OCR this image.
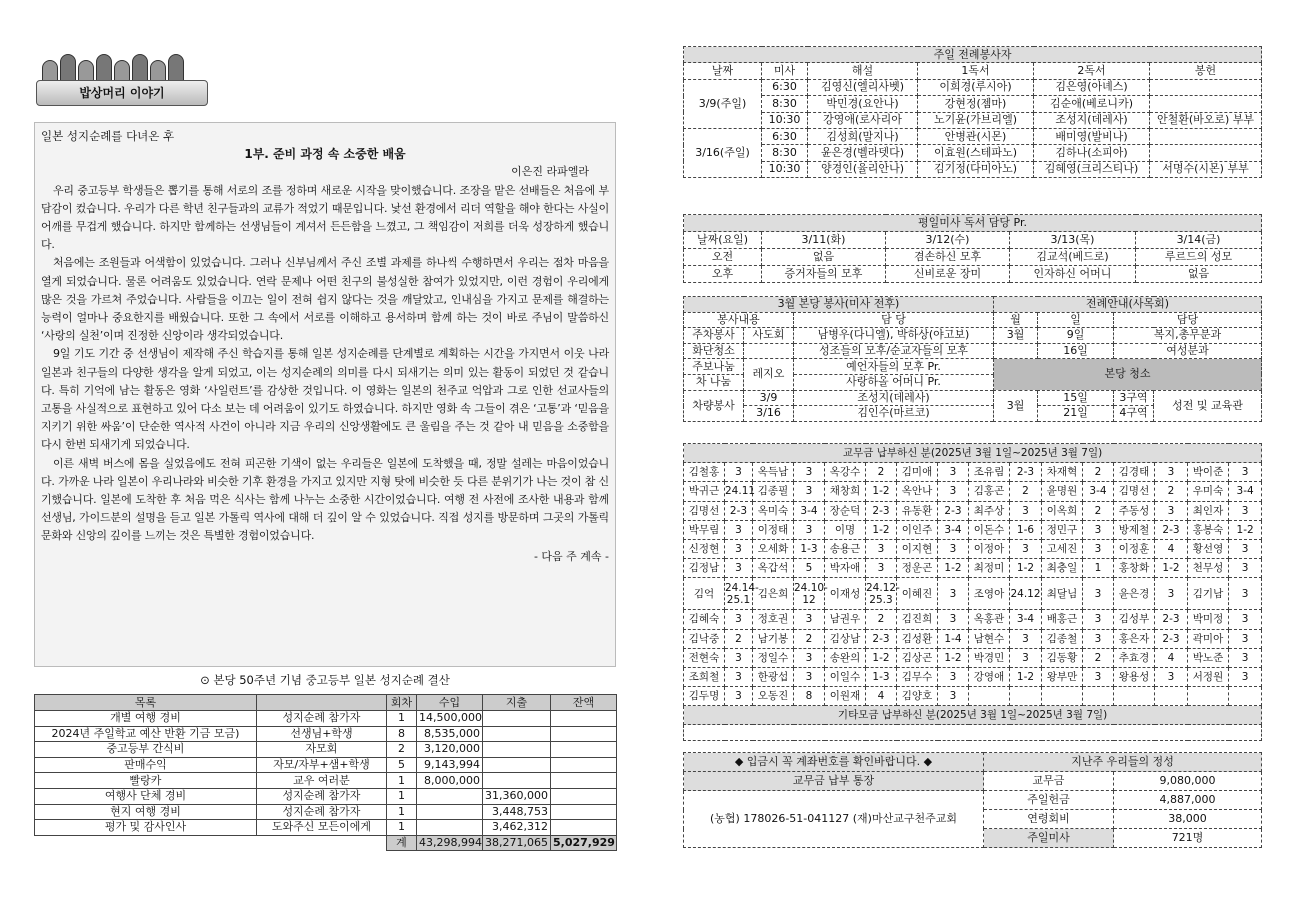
밥상머리 이야기
일본 성지순례를 다녀온 후
1부. 준비 과정 속 소중한 배움
이은진 라파엘라

우리 중고등부 학생들은 뽑기를 통해 서로의 조를 정하며 새로운 시작을 맞이했습니다. 조장을 맡은 선배들은 처음에 부담감이 컸습니다. 우리가 다른 학년 친구들과의 교류가 적었기 때문입니다. 낯선 환경에서 리더 역할을 해야 한다는 사실이 어깨를 무겁게 했습니다. 하지만 함께하는 선생님들이 계셔서 든든함을 느꼈고, 그 책임감이 저희를 더욱 성장하게 했습니다.

처음에는 조원들과 어색함이 있었습니다. 그러나 신부님께서 주신 조별 과제를 하나씩 수행하면서 우리는 점차 마음을 열게 되었습니다. 물론 어려움도 있었습니다. 연락 문제나 어떤 친구의 불성실한 참여가 있었지만, 이런 경험이 우리에게 많은 것을 가르쳐 주었습니다. 사람들을 이끄는 일이 전혀 쉽지 않다는 것을 깨달았고, 인내심을 가지고 문제를 해결하는 능력이 얼마나 중요한지를 배웠습니다. 또한 그 속에서 서로를 이해하고 용서하며 함께 하는 것이 바로 주님이 말씀하신 ‘사랑의 실천’이며 진정한 신앙이라 생각되었습니다.

9일 기도 기간 중 선생님이 제작해 주신 학습지를 통해 일본 성지순례를 단계별로 계획하는 시간을 가지면서 이웃 나라 일본과 친구들의 다양한 생각을 알게 되었고, 이는 성지순례의 의미를 다시 되새기는 의미 있는 활동이 되었던 것 같습니다. 특히 기억에 남는 활동은 영화 ‘사일런트’를 감상한 것입니다. 이 영화는 일본의 천주교 억압과 그로 인한 선교사들의 고통을 사실적으로 표현하고 있어 다소 보는 데 어려움이 있기도 하였습니다. 하지만 영화 속 그들이 겪은 ‘고통’과 ‘믿음을 지키기 위한 싸움’이 단순한 역사적 사건이 아니라 지금 우리의 신앙생활에도 큰 울림을 주는 것 같아 내 믿음을 소중함을 다시 한번 되새기게 되었습니다.

이른 새벽 버스에 몸을 실었음에도 전혀 피곤한 기색이 없는 우리들은 일본에 도착했을 때, 정말 설레는 마음이었습니다. 가까운 나라 일본이 우리나라와 비슷한 기후 환경을 가지고 있지만 지형 탓에 비슷한 듯 다른 분위기가 나는 것이 참 신기했습니다. 일본에 도착한 후 처음 먹은 식사는 함께 나누는 소중한 시간이었습니다. 여행 전 사전에 조사한 내용과 함께 선생님, 가이드분의 설명을 듣고 일본 가톨릭 역사에 대해 더 깊이 알 수 있었습니다. 직접 성지를 방문하며 그곳의 가톨릭 문화와 신앙의 깊이를 느끼는 것은 특별한 경험이었습니다.

- 다음 주 계속 -
⊙ 본당 50주년 기념 중고등부 일본 성지순례 결산
목록		회차	수입	지출	잔액
개별 여행 경비	성지순례 참가자	1	14,500,000		
2024년 주일학교 예산 반환 기금 모금)	선생님+학생	8	8,535,000		
중고등부 간식비	자모회	2	3,120,000		
판매수익	자모/자부+샘+학생	5	9,143,994		
빨랑카	교우 여러분	1	8,000,000		
여행사 단체 경비	성지순례 참가자	1		31,360,000	
현지 여행 경비	성지순례 참가자	1		3,448,753	
평가 및 감사인사	도와주신 모든이에게	1		3,462,312	
		계	43,298,994	38,271,065	5,027,929
주일 전례봉사자					
날짜	미사	해설	1독서	2독서	봉헌
3/9(주일)	6:30	김영신(엘리사벳)	이희경(루시아)	김은영(아녜스)	
	8:30	박민경(요안나)	강현정(젬마)	김순애(베로니카)	
	10:30	강영애(로사리아	노기윤(가브리엘)	조성지(데레사)	안철환(바오로) 부부
3/16(주일)	6:30	김성희(말지나)	안병관(시몬)	배미영(발비나)	
	8:30	윤은경(벨라뎃다)	이효원(스테파노)	김하나(소피아)	
	10:30	양경인(율리안나)	김기정(다미아노)	김혜영(크리스티나)	서명수(시몬) 부부
평일미사 독서 담당 Pr.				
날짜(요일)	3/11(화)	3/12(수)	3/13(목)	3/14(금)
오전	없음	겸손하신 모후	김교석(베드로)	루르드의 성모
오후	증거자들의 모후	신비로운 장미	인자하신 어머니	없음
3월 본당 봉사(미사 전후)			전례안내(사목회)			
봉사내용		담 당	월	일	담당	
주차봉사	사도회	남병우(다니엘), 박하상(야고보)	3월	9일	복지,총무분과	
화단청소		성조들의 모후/순교자들의 모후		16일	여성분과	
주보나눔	레지오	예언자들의 모후 Pr.	본당 청소			
차 나눔		사랑하올 어머니 Pr.				
차량봉사	3/9	조성지(데레사)	3월	15일	3구역	성전 및 교육관
	3/16	김인수(마르코)		21일	4구역	
교무금 납부하신 분(2025년 3월 1일~2025년 3월 7일)															
김철홍	3	옥득남	3	옥강수	2	김미애	3	조유림	2-3	차재혁	2	김경태	3	박이준	3
박귀근	24.11	김종필	3	채창희	1-2	옥안나	3	김홍곤	2	윤명원	3-4	김명선	2	우미숙	3-4
김명선	2-3	옥미숙	3-4	장순덕	2-3	유동환	2-3	최주상	3	이옥희	2	주동성	3	최인자	3
박무림	3	이정태	3	이명	1-2	이인주	3-4	이돈수	1-6	정민구	3	방제철	2-3	홍봉숙	1-2
신정현	3	오세화	1-3	송용근	3	이지현	3	이정아	3	고세진	3	이정훈	4	황선영	3
김정남	3	옥갑석	5	박자애	3	정운곤	1-2	최정미	1-2	최충일	1	홍창화	1-2	천무성	3
김억	24.14-25.1	김은희	24.10-12	이재성	24.12-25.3	이혜진	3	조영아	24.12	최달님	3	윤은경	3	김기남	3
김혜숙	3	정호권	3	남권우	2	김진희	3	옥홍관	3-4	배홍근	3	김성부	2-3	박미정	3
김낙중	2	남기봉	2	김상남	2-3	김성환	1-4	남현수	3	김종철	3	홍은자	2-3	곽미아	3
전현숙	3	정일수	3	송완의	1-2	김상곤	1-2	박경민	3	김동황	2	추효경	4	박노준	3
조희철	3	한광섭	3	이일수	1-3	김무수	3	강영애	1-2	왕부만	3	왕용성	3	서정원	3
김두명	3	오동진	8	이원재	4	김양호	3								
기타모금 납부하신 분(2025년 3월 1일~2025년 3월 7일)															

◆ 입금시 꼭 계좌번호를 확인바랍니다. ◆	지난주 우리들의 정성	
교무금 납부 통장	교무금	9,080,000
(농협) 178026-51-041127 (재)마산교구천주교회	주일헌금	4,887,000
	연령회비	38,000
	주일미사	721명
